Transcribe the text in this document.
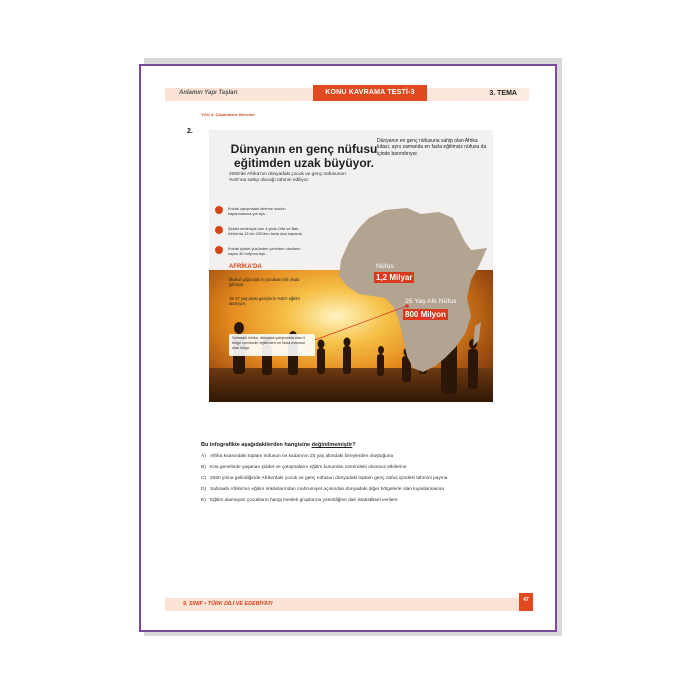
Anlamın Yapı Taşları	KONU KAVRAMA TESTİ-3	3. TEMA
YGO 4. Çözümleme Becerisi
2.
Dünyanın en genç nüfusu eğitimden uzak büyüyor.
2050'de Afrika'nın dünyadaki çocuk ve genç nüfusunun %40'ına sahip olacağı tahmin ediliyor.
Krizde çatışmaları birlerce okulun kapanmasına yol açtı.
Şiddet nedeniyle son 4 yılda Orta ve Batı Afrika'da 13 bin 200'den fazla okul kapandı.
Krizde şiddet yüzünden yerinden olanların sayısı 40 milyonu aştı.
AFRİKA'DA
İlkokul çağındaki 5 çocuktan biri okula gitmiyor.
15-17 yaş arası gençlerin %60'ı eğitim alamıyor.
Sahraaltı Afrika, dünyada çatışmakta olan 6 bölge içerisinde eğitimden en fazla mahrum olan bölge
Dünyanın en genç nüfusuna sahip olan Afrika kıtası, aynı zamanda en fazla eğitimsiz nüfusu da içinde barındırıyor.
Nüfus
1,2 Milyar
25 Yaş Altı Nüfus
800 Milyon
Bu infografikte aşağıdakilerden hangisine değinilmemiştir?
A) Afrika kıtasındaki toplam nüfusun ne kadarının 25 yaş altındaki bireylerden oluştuğuna
B) Kıta genelinde yaşanan şiddet ve çatışmaların eğitim kurumları üzerindeki olumsuz etkilerine
C) 2050 yılına gelindiğinde Afrika'daki çocuk ve genç nüfusun dünyadaki toplam genç nüfus içindeki tahmini payına
D) Sahraaltı Afrika'nın eğitim imkânlarından mahrumiyet açısından dünyadaki diğer bölgelerle olan kıyaslamasına
E) Eğitim alamayan çocukların hangi meslek gruplarına yöneldiğine dair istatistiksel verilere
9. SINIF • TÜRK DİLİ VE EDEBİYATI
47
